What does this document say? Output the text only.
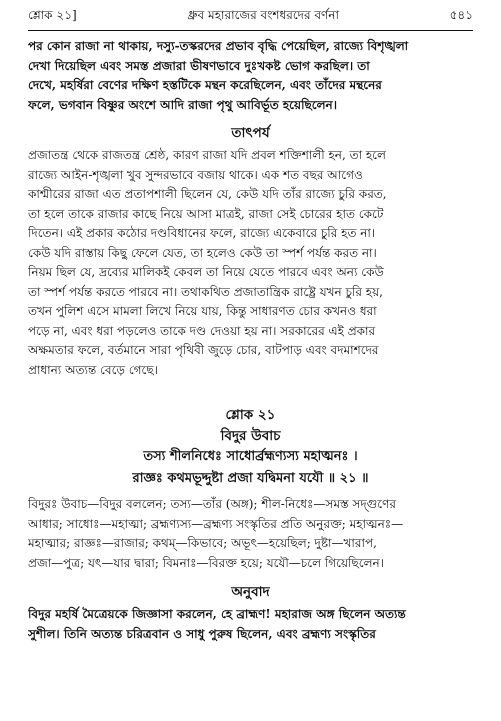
শ্লোক ২১]	ধ্রুব মহারাজের বংশধরদের বর্ণনা	৫৪১
পর কোন রাজা না থাকায়, দস্যু-তস্করদের প্রভাব বৃদ্ধি পেয়েছিল, রাজ্যে বিশৃঙ্খলা
দেখা দিয়েছিল এবং সমস্ত প্রজারা ভীষণভাবে দুঃখকষ্ট ভোগ করছিল। তা
দেখে, মহর্ষিরা বেণের দক্ষিণ হস্তটিকে মন্থন করেছিলেন, এবং তাঁদের মন্থনের
ফলে, ভগবান বিষ্ণুর অংশে আদি রাজা পৃথু আবির্ভূত হয়েছিলেন।
তাৎপর্য
প্রজাতন্ত্র থেকে রাজতন্ত্র শ্রেষ্ঠ, কারণ রাজা যদি প্রবল শক্তিশালী হন, তা হলে
রাজ্যে আইন-শৃঙ্খলা খুব সুন্দরভাবে বজায় থাকে। এক শত বছর আগেও
কাশ্মীরের রাজা এত প্রতাপশালী ছিলেন যে, কেউ যদি তাঁর রাজ্যে চুরি করত,
তা হলে তাকে রাজার কাছে নিয়ে আসা মাত্রই, রাজা সেই চোরের হাত কেটে
দিতেন। এই প্রকার কঠোর দণ্ডবিধানের ফলে, রাজ্যে একেবারে চুরি হত না।
কেউ যদি রাস্তায় কিছু ফেলে যেত, তা হলেও কেউ তা স্পর্শ পর্যন্ত করত না।
নিয়ম ছিল যে, দ্রব্যের মালিকই কেবল তা নিয়ে যেতে পারবে এবং অন্য কেউ
তা স্পর্শ পর্যন্ত করতে পারবে না। তথাকথিত প্রজাতান্ত্রিক রাষ্ট্রে যখন চুরি হয়,
তখন পুলিশ এসে মামলা লিখে নিয়ে যায়, কিন্তু সাধারণত চোর কখনও ধরা
পড়ে না, এবং ধরা পড়লেও তাকে দণ্ড দেওয়া হয় না। সরকারের এই প্রকার
অক্ষমতার ফলে, বর্তমানে সারা পৃথিবী জুড়ে চোর, বাটপাড় এবং বদমাশদের
প্রাধান্য অত্যন্ত বেড়ে গেছে।
শ্লোক ২১
বিদুর উবাচ
তস্য শীলনিধেঃ সাধোর্ব্রহ্মণ্যস্য মহাত্মনঃ ।
রাজ্ঞঃ কথমভূদ্দুষ্টা প্রজা যদ্বিমনা যযৌ ॥ ২১ ॥
বিদুরঃ উবাচ—বিদুর বললেন; তস্য—তাঁর (অঙ্গ); শীল-নিধেঃ—সমস্ত সদ্‌গুণের
আধার; সাধোঃ—মহাত্মা; ব্রহ্মণ্যস্য—ব্রহ্মণ্য সংস্কৃতির প্রতি অনুরক্ত; মহাত্মনঃ—
মহাত্মার; রাজ্ঞঃ—রাজার; কথম্‌—কিভাবে; অভূৎ—হয়েছিল; দুষ্টা—খারাপ,
প্রজা—পুত্র; যৎ—যার দ্বারা; বিমনাঃ—বিরক্ত হয়ে; যযৌ—চলে গিয়েছিলেন।
অনুবাদ
বিদুর মহর্ষি মৈত্রেয়কে জিজ্ঞাসা করলেন, হে ব্রাহ্মণ! মহারাজ অঙ্গ ছিলেন অত্যন্ত
সুশীল। তিনি অত্যন্ত চরিত্রবান ও সাধু পুরুষ ছিলেন, এবং ব্রহ্মণ্য সংস্কৃতির
